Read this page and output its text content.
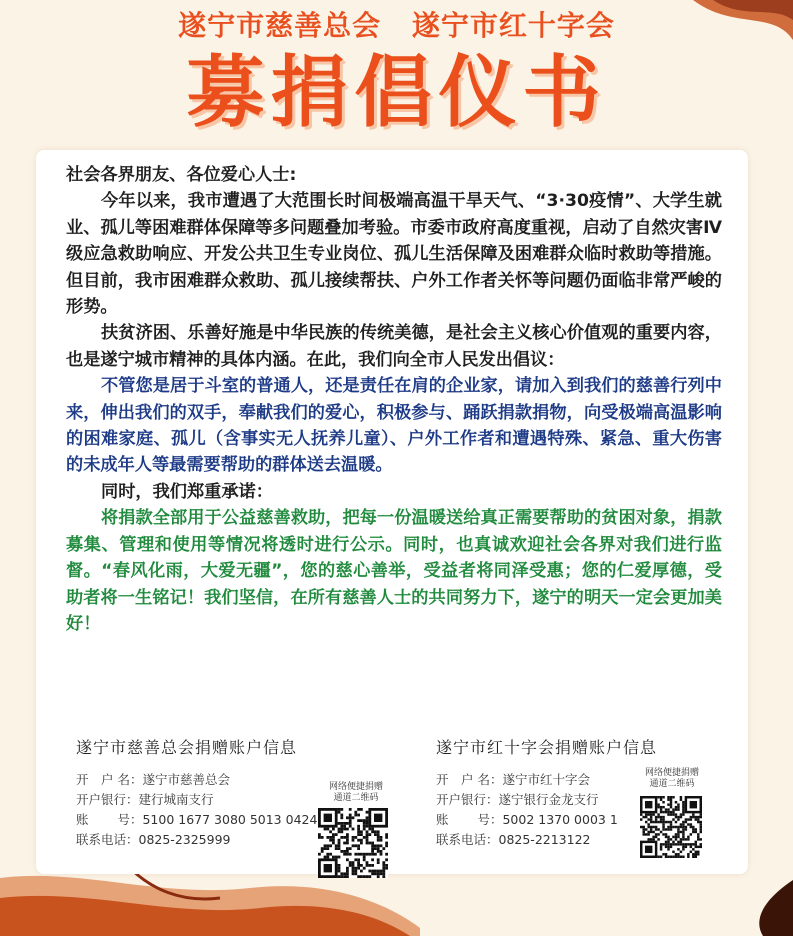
遂宁市慈善总会 遂宁市红十字会
募捐倡仪书

社会各界朋友、各位爱心人士:

今年以来，我市遭遇了大范围长时间极端高温干旱天气、“3·30疫情”、大学生就业、孤儿等困难群体保障等多问题叠加考验。市委市政府高度重视，启动了自然灾害Ⅳ级应急救助响应、开发公共卫生专业岗位、孤儿生活保障及困难群众临时救助等措施。但目前，我市困难群众救助、孤儿接续帮扶、户外工作者关怀等问题仍面临非常严峻的形势。

扶贫济困、乐善好施是中华民族的传统美德，是社会主义核心价值观的重要内容，也是遂宁城市精神的具体内涵。在此，我们向全市人民发出倡议：

不管您是居于斗室的普通人，还是责任在肩的企业家，请加入到我们的慈善行列中来，伸出我们的双手，奉献我们的爱心，积极参与、踊跃捐款捐物，向受极端高温影响的困难家庭、孤儿（含事实无人抚养儿童）、户外工作者和遭遇特殊、紧急、重大伤害的未成年人等最需要帮助的群体送去温暖。

同时，我们郑重承诺：

将捐款全部用于公益慈善救助，把每一份温暖送给真正需要帮助的贫困对象，捐款募集、管理和使用等情况将透时进行公示。同时，也真诚欢迎社会各界对我们进行监督。“春风化雨，大爱无疆”，您的慈心善举，受益者将同泽受惠；您的仁爱厚德，受助者将一生铭记！我们坚信，在所有慈善人士的共同努力下，遂宁的明天一定会更加美好！

遂宁市慈善总会捐赠账户信息
开　户 名：遂宁市慈善总会
开户银行：建行城南支行
账　　 号：5100 1677 3080 5013 0424
联系电话：0825-2325999
网络便捷捐赠
通道二维码
遂宁市红十字会捐赠账户信息
开　户 名：遂宁市红十字会
开户银行：遂宁银行金龙支行
账　　 号：5002 1370 0003 1
联系电话：0825-2213122
网络便捷捐赠
通道二维码
